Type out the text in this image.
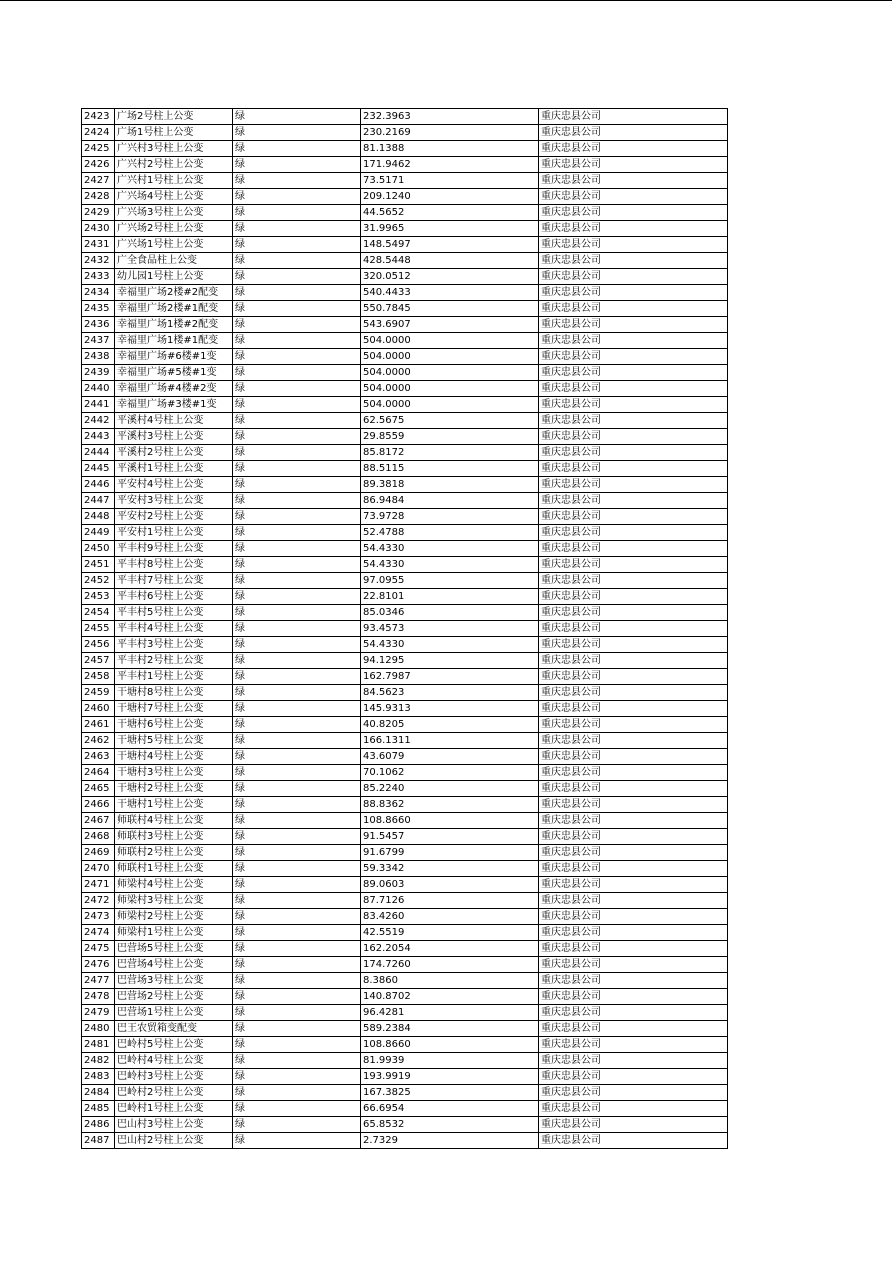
2423	广场2号柱上公变	绿	232.3963	重庆忠县公司
2424	广场1号柱上公变	绿	230.2169	重庆忠县公司
2425	广兴村3号柱上公变	绿	81.1388	重庆忠县公司
2426	广兴村2号柱上公变	绿	171.9462	重庆忠县公司
2427	广兴村1号柱上公变	绿	73.5171	重庆忠县公司
2428	广兴场4号柱上公变	绿	209.1240	重庆忠县公司
2429	广兴场3号柱上公变	绿	44.5652	重庆忠县公司
2430	广兴场2号柱上公变	绿	31.9965	重庆忠县公司
2431	广兴场1号柱上公变	绿	148.5497	重庆忠县公司
2432	广全食品柱上公变	绿	428.5448	重庆忠县公司
2433	幼儿园1号柱上公变	绿	320.0512	重庆忠县公司
2434	幸福里广场2楼#2配变	绿	540.4433	重庆忠县公司
2435	幸福里广场2楼#1配变	绿	550.7845	重庆忠县公司
2436	幸福里广场1楼#2配变	绿	543.6907	重庆忠县公司
2437	幸福里广场1楼#1配变	绿	504.0000	重庆忠县公司
2438	幸福里广场#6楼#1变	绿	504.0000	重庆忠县公司
2439	幸福里广场#5楼#1变	绿	504.0000	重庆忠县公司
2440	幸福里广场#4楼#2变	绿	504.0000	重庆忠县公司
2441	幸福里广场#3楼#1变	绿	504.0000	重庆忠县公司
2442	平溪村4号柱上公变	绿	62.5675	重庆忠县公司
2443	平溪村3号柱上公变	绿	29.8559	重庆忠县公司
2444	平溪村2号柱上公变	绿	85.8172	重庆忠县公司
2445	平溪村1号柱上公变	绿	88.5115	重庆忠县公司
2446	平安村4号柱上公变	绿	89.3818	重庆忠县公司
2447	平安村3号柱上公变	绿	86.9484	重庆忠县公司
2448	平安村2号柱上公变	绿	73.9728	重庆忠县公司
2449	平安村1号柱上公变	绿	52.4788	重庆忠县公司
2450	平丰村9号柱上公变	绿	54.4330	重庆忠县公司
2451	平丰村8号柱上公变	绿	54.4330	重庆忠县公司
2452	平丰村7号柱上公变	绿	97.0955	重庆忠县公司
2453	平丰村6号柱上公变	绿	22.8101	重庆忠县公司
2454	平丰村5号柱上公变	绿	85.0346	重庆忠县公司
2455	平丰村4号柱上公变	绿	93.4573	重庆忠县公司
2456	平丰村3号柱上公变	绿	54.4330	重庆忠县公司
2457	平丰村2号柱上公变	绿	94.1295	重庆忠县公司
2458	平丰村1号柱上公变	绿	162.7987	重庆忠县公司
2459	干塘村8号柱上公变	绿	84.5623	重庆忠县公司
2460	干塘村7号柱上公变	绿	145.9313	重庆忠县公司
2461	干塘村6号柱上公变	绿	40.8205	重庆忠县公司
2462	干塘村5号柱上公变	绿	166.1311	重庆忠县公司
2463	干塘村4号柱上公变	绿	43.6079	重庆忠县公司
2464	干塘村3号柱上公变	绿	70.1062	重庆忠县公司
2465	干塘村2号柱上公变	绿	85.2240	重庆忠县公司
2466	干塘村1号柱上公变	绿	88.8362	重庆忠县公司
2467	师联村4号柱上公变	绿	108.8660	重庆忠县公司
2468	师联村3号柱上公变	绿	91.5457	重庆忠县公司
2469	师联村2号柱上公变	绿	91.6799	重庆忠县公司
2470	师联村1号柱上公变	绿	59.3342	重庆忠县公司
2471	师梁村4号柱上公变	绿	89.0603	重庆忠县公司
2472	师梁村3号柱上公变	绿	87.7126	重庆忠县公司
2473	师梁村2号柱上公变	绿	83.4260	重庆忠县公司
2474	师梁村1号柱上公变	绿	42.5519	重庆忠县公司
2475	巴营场5号柱上公变	绿	162.2054	重庆忠县公司
2476	巴营场4号柱上公变	绿	174.7260	重庆忠县公司
2477	巴营场3号柱上公变	绿	8.3860	重庆忠县公司
2478	巴营场2号柱上公变	绿	140.8702	重庆忠县公司
2479	巴营场1号柱上公变	绿	96.4281	重庆忠县公司
2480	巴王农贸箱变配变	绿	589.2384	重庆忠县公司
2481	巴岭村5号柱上公变	绿	108.8660	重庆忠县公司
2482	巴岭村4号柱上公变	绿	81.9939	重庆忠县公司
2483	巴岭村3号柱上公变	绿	193.9919	重庆忠县公司
2484	巴岭村2号柱上公变	绿	167.3825	重庆忠县公司
2485	巴岭村1号柱上公变	绿	66.6954	重庆忠县公司
2486	巴山村3号柱上公变	绿	65.8532	重庆忠县公司
2487	巴山村2号柱上公变	绿	2.7329	重庆忠县公司
